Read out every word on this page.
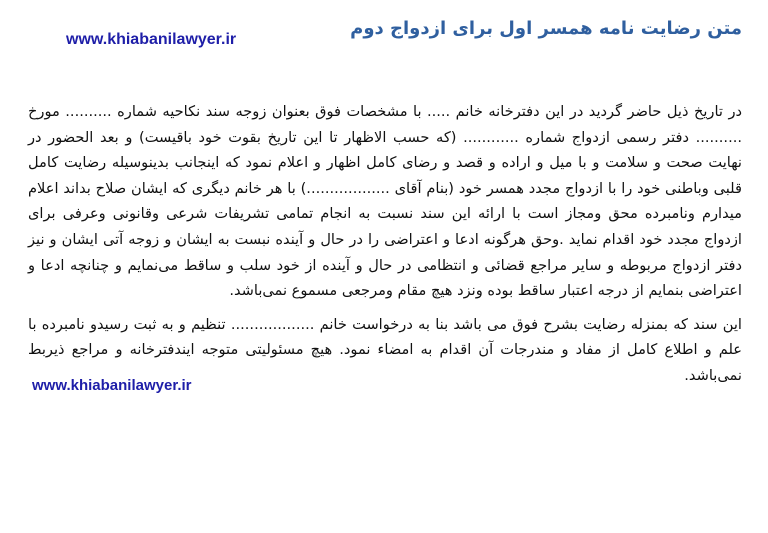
متن رضایت نامه همسر اول برای ازدواج دوم
www.khiabanilawyer.ir

در تاریخ ذیل حاضر گردید در این دفترخانه خانم ..... با مشخصات فوق بعنوان زوجه سند نکاحیه شماره .......... مورخ .......... دفتر رسمی ازدواج شماره ............ (که حسب الاظهار تا این تاریخ بقوت خود باقیست) و بعد الحضور در نهایت صحت و سلامت و با میل و اراده و قصد و رضای کامل اظهار و اعلام نمود که اینجانب بدینوسیله رضایت کامل قلبی وباطنی خود را با ازدواج مجدد همسر خود (بنام آقای ..................) با هر خانم دیگری که ایشان صلاح بداند اعلام میدارم ونامبرده محق ومجاز است با ارائه این سند نسبت به انجام تمامی تشریفات شرعی وقانونی وعرفی برای ازدواج مجدد خود اقدام نماید .وحق هرگونه ادعا و اعتراضی را در حال و آینده نبست به ایشان و زوجه آتی ایشان و نیز دفتر ازدواج مربوطه و سایر مراجع قضائی و انتظامی در حال و آینده از خود سلب و ساقط می‌نمایم و چنانچه ادعا و اعتراضی بنمایم از درجه اعتبار ساقط بوده ونزد هیچ مقام ومرجعی مسموع نمی‌باشد.

این سند که بمنزله رضایت بشرح فوق می باشد بنا به درخواست خانم .................. تنظیم و به ثبت رسیدو نامبرده با علم و اطلاع کامل از مفاد و مندرجات آن اقدام به امضاء نمود. هیچ مسئولیتی متوجه ایندفترخانه و مراجع ذیربط نمی‌باشد.

www.khiabanilawyer.ir
